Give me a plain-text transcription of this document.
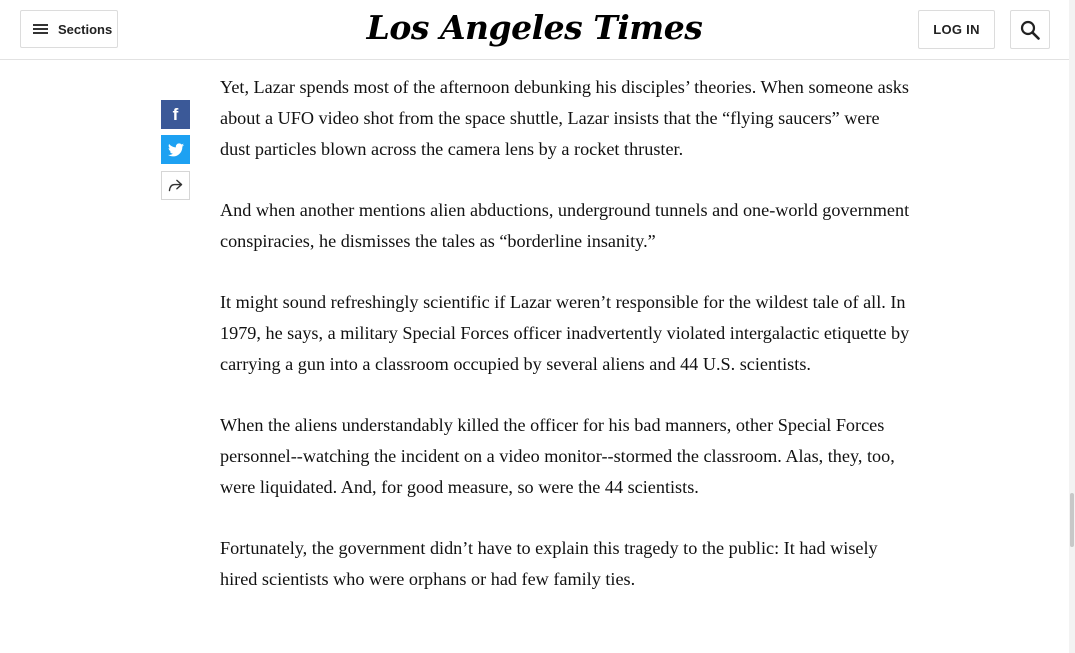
Sections	Los Angeles Times	LOG IN
f

Yet, Lazar spends most of the afternoon debunking his disciples’ theories. When someone asks about a UFO video shot from the space shuttle, Lazar insists that the “flying saucers” were dust particles blown across the camera lens by a rocket thruster.

And when another mentions alien abductions, underground tunnels and one-world government conspiracies, he dismisses the tales as “borderline insanity.”

It might sound refreshingly scientific if Lazar weren’t responsible for the wildest tale of all. In 1979, he says, a military Special Forces officer inadvertently violated intergalactic etiquette by carrying a gun into a classroom occupied by several aliens and 44 U.S. scientists.

When the aliens understandably killed the officer for his bad manners, other Special Forces personnel--watching the incident on a video monitor--stormed the classroom. Alas, they, too, were liquidated. And, for good measure, so were the 44 scientists.

Fortunately, the government didn’t have to explain this tragedy to the public: It had wisely hired scientists who were orphans or had few family ties.
